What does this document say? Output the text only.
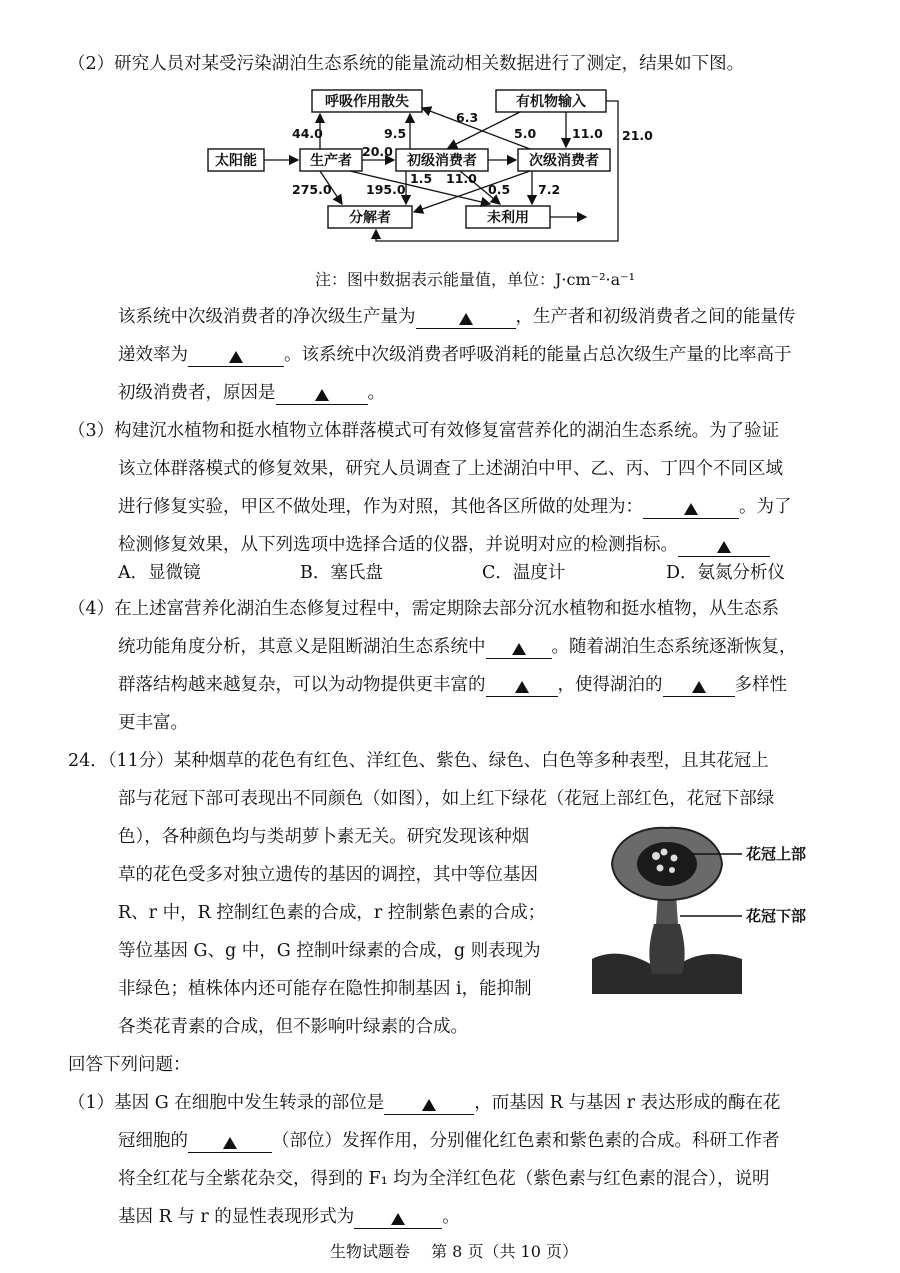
（2）研究人员对某受污染湖泊生态系统的能量流动相关数据进行了测定，结果如下图。
呼吸作用散失	有机物输入
太阳能	生产者	初级消费者	次级消费者
分解者	未利用
44.0	9.5
6.3
5.0	11.0 21.0
20.0
275.0	195.0
1.5 11.0
0.5 7.2
注：图中数据表示能量值，单位：J·cm⁻²·a⁻¹
该系统中次级消费者的净次级生产量为	，生产者和初级消费者之间的能量传
递效率为	。该系统中次级消费者呼吸消耗的能量占总次级生产量的比率高于
初级消费者，原因是	。
（3）构建沉水植物和挺水植物立体群落模式可有效修复富营养化的湖泊生态系统。为了验证
该立体群落模式的修复效果，研究人员调查了上述湖泊中甲、乙、丙、丁四个不同区域
进行修复实验，甲区不做处理，作为对照，其他各区所做的处理为：	。为了
检测修复效果，从下列选项中选择合适的仪器，并说明对应的检测指标。
A．显微镜	B．塞氏盘	C．温度计	D．氨氮分析仪
（4）在上述富营养化湖泊生态修复过程中，需定期除去部分沉水植物和挺水植物，从生态系
统功能角度分析，其意义是阻断湖泊生态系统中	。随着湖泊生态系统逐渐恢复，
群落结构越来越复杂，可以为动物提供更丰富的	，使得湖泊的	多样性
更丰富。
24．（11分）某种烟草的花色有红色、洋红色、紫色、绿色、白色等多种表型，且其花冠上
部与花冠下部可表现出不同颜色（如图），如上红下绿花（花冠上部红色，花冠下部绿
色），各种颜色均与类胡萝卜素无关。研究发现该种烟
草的花色受多对独立遗传的基因的调控，其中等位基因
R、r 中，R 控制红色素的合成，r 控制紫色素的合成；
等位基因 G、g 中，G 控制叶绿素的合成，g 则表现为
非绿色；植株体内还可能存在隐性抑制基因 i，能抑制
各类花青素的合成，但不影响叶绿素的合成。
花冠上部
花冠下部
回答下列问题：
（1）基因 G 在细胞中发生转录的部位是	，而基因 R 与基因 r 表达形成的酶在花
冠细胞的	（部位）发挥作用，分别催化红色素和紫色素的合成。科研工作者
将全红花与全紫花杂交，得到的 F₁ 均为全洋红色花（紫色素与红色素的混合），说明
基因 R 与 r 的显性表现形式为	。
生物试题卷　 第 8 页（共 10 页）
